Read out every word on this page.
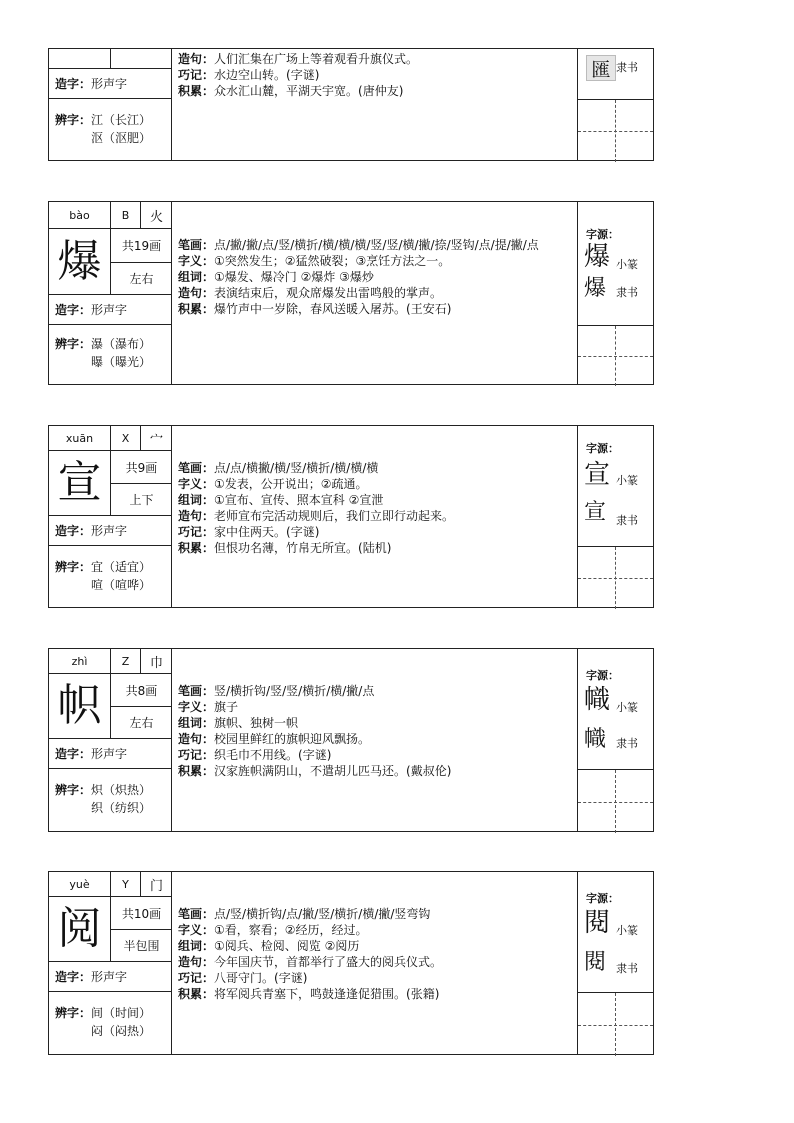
造字： 形声字
辨字：江（长江）
沤（沤肥）

造句：人们汇集在广场上等着观看升旗仪式。

巧记：水边空山转。(字谜)

积累：众水汇山麓，平湖天宇宽。(唐仲友)

匯 隶书
bào	B	火
爆	共19画
左右
造字： 形声字
辨字：瀑（瀑布）
曝（曝光）

笔画：点/撇/撇/点/竖/横折/横/横/横/竖/竖/横/撇/捺/竖钩/点/提/撇/点

字义：①突然发生；②猛然破裂；③烹饪方法之一。

组词：①爆发、爆冷门 ②爆炸 ③爆炒

造句：表演结束后，观众席爆发出雷鸣般的掌声。

积累：爆竹声中一岁除，春风送暖入屠苏。(王安石)

字源：
爆 小篆
爆 隶书
xuān	X	宀
宣	共9画
上下
造字： 形声字
辨字：宜（适宜）
喧（喧哗）

笔画：点/点/横撇/横/竖/横折/横/横/横

字义：①发表，公开说出；②疏通。

组词：①宣布、宣传、照本宣科 ②宣泄

造句：老师宣布完活动规则后，我们立即行动起来。

巧记：家中住两天。(字谜)

积累：但恨功名薄，竹帛无所宣。(陆机)

字源：
宣 小篆
宣 隶书
zhì	Z	巾
帜	共8画
左右
造字： 形声字
辨字：炽（炽热）
织（纺织）

笔画：竖/横折钩/竖/竖/横折/横/撇/点

字义：旗子

组词：旗帜、独树一帜

造句：校园里鲜红的旗帜迎风飘扬。

巧记：织毛巾不用线。(字谜)

积累：汉家旌帜满阴山，不遣胡儿匹马还。(戴叔伦)

字源：
幟 小篆
幟 隶书
yuè	Y	门
阅	共10画
半包围
造字： 形声字
辨字：间（时间）
闷（闷热）

笔画：点/竖/横折钩/点/撇/竖/横折/横/撇/竖弯钩

字义：①看，察看；②经历，经过。

组词：①阅兵、检阅、阅览 ②阅历

造句：今年国庆节，首都举行了盛大的阅兵仪式。

巧记：八哥守门。(字谜)

积累：将军阅兵青塞下，鸣鼓逢逢促猎围。(张籍)

字源：
閱 小篆
閱 隶书
